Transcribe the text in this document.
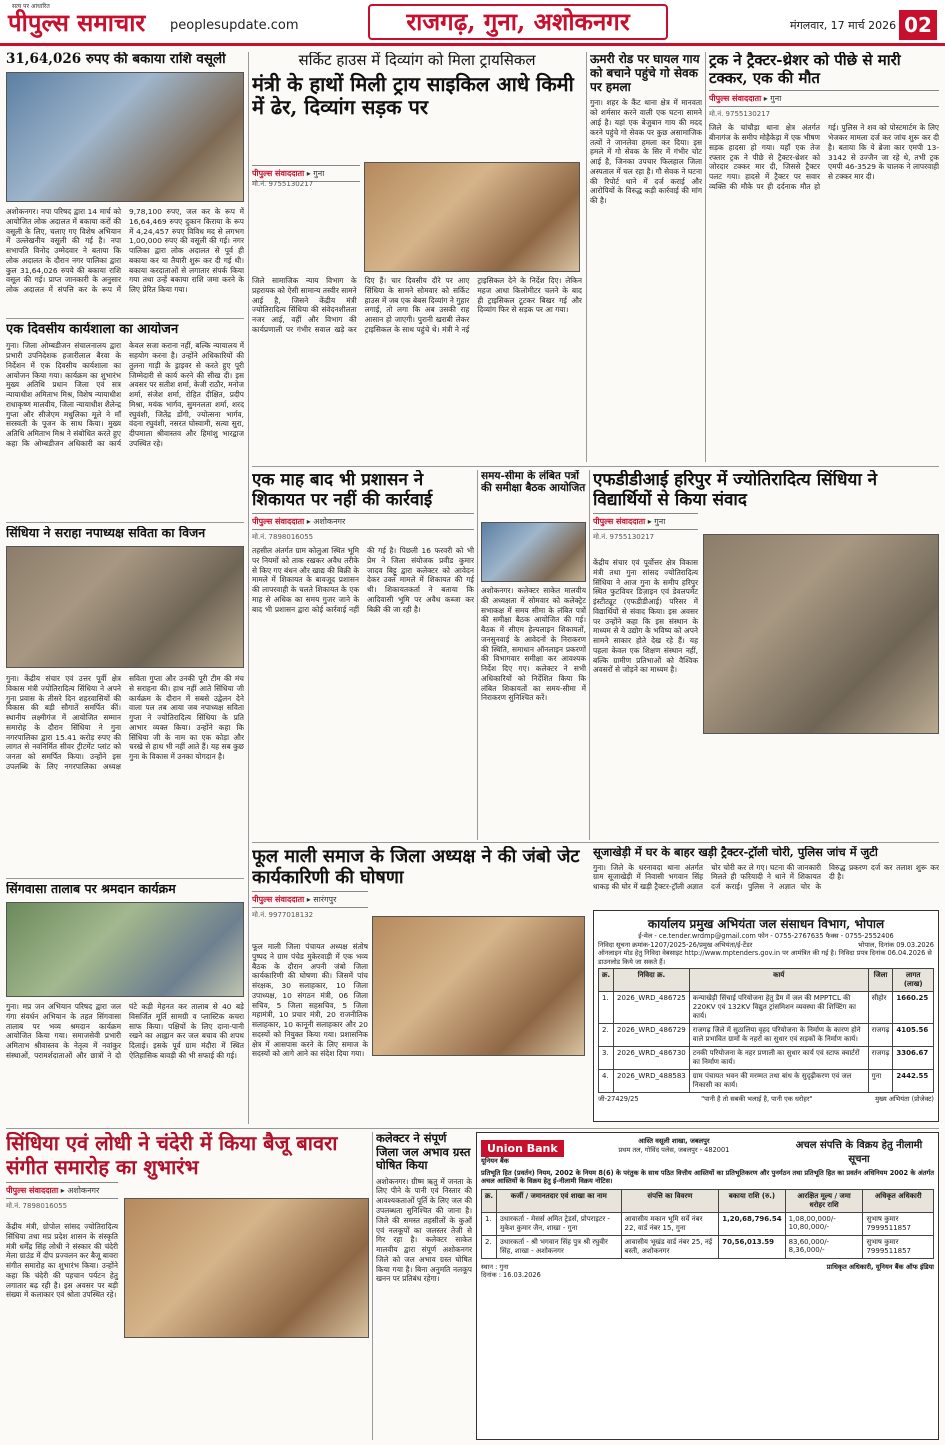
सत्य पर आधारित
पीपुल्स समाचार peoplesupdate.com	राजगढ़, गुना, अशोकनगर	मंगलवार, 17 मार्च 2026 02
31,64,026 रुपए की बकाया राशि वसूली
अशोकनगर। नपा परिषद द्वारा 14 मार्च को आयोजित लोक अदालत में बकाया करों की वसूली के लिए, चलाए गए विशेष अभियान में उल्लेखनीय वसूली की गई है। नपा सभापति विनोद उम्मेदवार ने बताया कि लोक अदालत के दौरान नगर पालिका द्वारा कुल 31,64,026 रुपये की बकाया राशि वसूल की गई। प्राप्त जानकारी के अनुसार लोक अदालत में संपत्ति कर के रूप में 9,78,100 रुपए, जल कर के रूप में 16,64,469 रुपए दुकान किराया के रूप में 4,24,457 रुपए विविध मद से लगभग 1,00,000 रुपए की वसूली की गई। नगर पालिका द्वारा लोक अदालत से पूर्व ही बकाया कर या तैयारी शुरू कर दी गई थी। बकाया करदाताओं से लगातार संपर्क किया गया तथा उन्हें बकाया राशि जमा करने के लिए प्रेरित किया गया।
एक दिवसीय कार्यशाला का आयोजन
गुना। जिला ओम्बडीजन संचालनालय द्वारा प्रभारी उपनिदेशक हजारीलाल बैरवा के निर्देशन में एक दिवसीय कार्यशाला का आयोजन किया गया। कार्यक्रम का शुभारंभ मुख्य अतिथि प्रधान जिला एवं सत्र न्यायाधीश अमिताभ मिश्र, विशेष न्यायाधीश राधाकृष्ण मालवीय, जिला न्यायाधीश शैलेन्द्र गुप्ता और सीजेएम मधुलिका मूले ने माँ सरस्वती के पूजन के साथ किया। मुख्य अतिथि अमिताभ मिश्र ने संबोधित करते हुए कहा कि ओम्बडीजन अधिकारी का कार्य केवल सजा कराना नहीं, बल्कि न्यायालय में सहयोग करना है। उन्होंने अधिकारियों की तुलना गाड़ी के ड्राइवर से करते हुए पूरी जिम्मेदारी से कार्य करने की सीख दी। इस अवसर पर सतीश शर्मा, केजी राठौर, मनोज शर्मा, संजेश शर्मा, रोहित दीक्षित, प्रदीप मिश्रा, मयंक भार्गव, सुमनलता शर्मा, शरद रघुवंशी, जितेंद्र डोंगी, ज्योत्सना भार्गव, वंदना रघुवंशी, नसरत घोस्वामी, सत्या सुरा, दीपमाला श्रीवास्तव और हिमांशु भारद्वाज उपस्थित रहे।
सिंधिया ने सराहा नपाध्यक्ष सविता का विजन
गुना। केंद्रीय संचार एवं उत्तर पूर्वी क्षेत्र विकास मंत्री ज्योतिरादित्य सिंधिया ने अपने गुना प्रवास के तीसरे दिन शहरवासियों की विकास की बड़ी सौगातें समर्पित कीं। स्थानीय लक्ष्मीगंज में आयोजित सम्मान समारोह के दौरान सिंधिया ने गुना नगरपालिका द्वारा 15.41 करोड़ रुपए की लागत से नवनिर्मित सीवर ट्रीटमेंट प्लांट को जनता को समर्पित किया। उन्होंने इस उपलब्धि के लिए नगरपालिका अध्यक्ष सविता गुप्ता और उनकी पूरी टीम की मंच से सराहना की। हाथ नहीं आते सिंधिया जी कार्यक्रम के दौरान में सबसे उद्वेलन देने वाला पल तब आया जब नपाध्यक्ष सविता गुप्ता ने ज्योतिरादित्य सिंधिया के प्रति आभार व्यक्त किया। उन्होंने कहा कि सिंधिया जी के नाम का एक कोड़ा और चरखे से हाथ भी नहीं आते हैं। यह सब कुछ गुना के विकास में उनका योगदान है।
सिंगवासा तालाब पर श्रमदान कार्यक्रम
गुना। मप्र जन अभियान परिषद द्वारा जल गंगा संवर्धन अभियान के तहत सिंगवासा तालाब पर भव्य श्रमदान कार्यक्रम आयोजित किया गया। समाजसेवी प्रभारी अमिताभ श्रीवास्तव के नेतृत्व में नवांकुर संस्थाओं, परामर्शदाताओं और छात्रों ने दो घंटे कड़ी मेहनत कर तालाब से 40 बड़े विसर्जित मूर्ति सामग्री व प्लास्टिक कचरा साफ किया। पक्षियों के लिए दाना-पानी रखने का आह्वान कर जल बचाव की शपथ दिलाई। इसके पूर्व ग्राम मंदौरा में स्थित ऐतिहासिक बावड़ी की भी सफाई की गई।
सर्किट हाउस में दिव्यांग को मिला ट्रायसिकल
मंत्री के हाथों मिली ट्राय साइकिल आधे किमी में ढेर, दिव्यांग सड़क पर
पीपुल्स संवाददाता ▸ गुना
मो.नं. 9755130217
जिले सामाजिक न्याय विभाग के प्रहरायक को ऐसी सामान्य तस्वीर सामने आई है, जिसने केंद्रीय मंत्री ज्योतिरादित्य सिंधिया की संवेदनशीलता नजर आई, वहीं और विभाग की कार्यप्रणाली पर गंभीर सवाल खड़े कर दिए हैं। चार दिवसीय दौरे पर आए सिंधिया के सामने सोमवार को सर्किट हाउस में जब एक बेबस दिव्यांग ने गुहार लगाई, तो लगा कि अब उसकी राह आसान हो जाएगी। पुरानी खराबी लेकर ट्राइसिकल के साथ पहुंचे थे। मंत्री ने नई ट्राइसिकल देने के निर्देश दिए। लेकिन महज आधा किलोमीटर चलने के बाद ही ट्राइसिकल टूटकर बिखर गई और दिव्यांग फिर से सड़क पर आ गया।
ऊमरी रोड पर घायल गाय को बचाने पहुंचे गो सेवक पर हमला
गुना। शहर के कैंट थाना क्षेत्र में मानवता को शर्मसार करने वाली एक घटना सामने आई है। यहां एक बेजुबान गाय की मदद करने पहुंचे गो सेवक पर कुछ असामाजिक तत्वों ने जानलेवा हमला कर दिया। इस हमले में गो सेवक के सिर में गंभीर चोट आई है, जिनका उपचार फिलहाल जिला अस्पताल में चल रहा है। गौ सेवक ने घटना की रिपोर्ट थाने में दर्ज कराई और आरोपियों के विरुद्ध कड़ी कार्रवाई की मांग की है।
ट्रक ने ट्रैक्टर-थ्रेशर को पीछे से मारी टक्कर, एक की मौत
पीपुल्स संवाददाता ▸ गुना
मो.नं. 9755130217
जिले के चांचौड़ा थाना क्षेत्र अंतर्गत बीनागंज के समीप मोहैकेड़ा में एक भीषण सड़क हादसा हो गया। यहाँ एक तेज रफ्तार ट्रक ने पीछे से ट्रैक्टर-थ्रेशर को जोरदार टक्कर मार दी, जिससे ट्रैक्टर पलट गया। हादसे में ट्रैक्टर पर सवार व्यक्ति की मौके पर ही दर्दनाक मौत हो गई। पुलिस ने शव को पोस्टमार्टम के लिए भेजकर मामला दर्ज कर जांच शुरू कर दी है। बताया कि ये ब्रेजा कार एमपी 13-3142 से उज्जैन जा रहे थे, तभी ट्रक एमपी 46-3529 के चालक ने लापरवाही से टक्कर मार दी।
एक माह बाद भी प्रशासन ने शिकायत पर नहीं की कार्रवाई
पीपुल्स संवाददाता ▸ अशोकनगर
मो.नं. 7898016055
तहसील अंतर्गत ग्राम कोलुआ स्थित भूमि पर नियमों को ताक रखकर अवैध तरीके से किए गए बंधन और खाद्य की बिक्री के मामले में शिकायत के बावजूद प्रशासन की लापरवाही के चलते शिकायत के एक माह से अधिक का समय गुजर जाने के बाद भी प्रशासन द्वारा कोई कार्रवाई नहीं की गई है। पिछली 16 फरवरी को भी प्रेम ने जिला संयोजक प्रवीड कुमार जादव बिट्टू द्वारा कलेक्टर को आवेदन देकर उक्त मामले में शिकायत की गई थी। शिकायतकर्ता ने बताया कि आदिवासी भूमि पर अवैध कब्जा कर बिक्री की जा रही है।
समय-सीमा के लंबित पत्रों की समीक्षा बैठक आयोजित
अशोकनगर। कलेक्टर साकेत मालवीय की अध्यक्षता में सोमवार को कलेक्ट्रेट सभाकक्ष में समय सीमा के लंबित पत्रों की समीक्षा बैठक आयोजित की गई। बैठक में सीएम हेल्पलाइन शिकायतों, जनसुनवाई के आवेदनों के निराकरण की स्थिति, समाधान ऑनलाइन प्रकरणों की विभागवार समीक्षा कर आवश्यक निर्देश दिए गए। कलेक्टर ने सभी अधिकारियों को निर्देशित किया कि लंबित शिकायतों का समय-सीमा में निराकरण सुनिश्चित करें।
एफडीडीआई हरिपुर में ज्योतिरादित्य सिंधिया ने विद्यार्थियों से किया संवाद
पीपुल्स संवाददाता ▸ गुना
मो.नं. 9755130217
केंद्रीय संचार एवं पूर्वोत्तर क्षेत्र विकास मंत्री तथा गुना सांसद ज्योतिरादित्य सिंधिया ने आज गुना के समीप हरिपुर स्थित फुटवियर डिज़ाइन एवं डेवलपमेंट इंस्टीट्यूट (एफडीडीआई) परिसर में विद्यार्थियों से संवाद किया। इस अवसर पर उन्होंने कहा कि इस संस्थान के माध्यम से ये उद्योग के भविष्य को अपने सामने साकार होते देख रहे हैं। यह पहला केवल एक शिक्षण संस्थान नहीं, बल्कि ग्रामीण प्रतिभाओं को वैश्विक अवसरों से जोड़ने का माध्यम है।
फूल माली समाज के जिला अध्यक्ष ने की जंबो जेट कार्यकारिणी की घोषणा
पीपुल्स संवाददाता ▸ सारंगपुर
मो.नं. 9977018132
फूल माली जिला पंचायत अध्यक्ष संतोष पुष्पद ने ग्राम पंचेड मुकेरवाड़ी में एक भव्य बैठक के दौरान अपनी जंबो जिला कार्यकारिणी की घोषणा की। जिसमें पांच संरक्षक, 30 सलाहकार, 10 जिला उपाध्यक्ष, 10 संगठन मंत्री, 06 जिला सचिव, 5 जिला सहसचिव, 5 जिला महामंत्री, 10 प्रचार मंत्री, 20 राजनीतिक सलाहकार, 10 कानूनी सलाहकार और 20 सदस्यों को नियुक्त किया गया। प्रशासनिक क्षेत्र में आसपास करने के लिए समाज के सदस्यों को आगे आने का संदेश दिया गया।
सूजाखेड़ी में घर के बाहर खड़ी ट्रैक्टर-ट्रॉली चोरी, पुलिस जांच में जुटी
गुना। जिले के धरनावदा थाना अंतर्गत ग्राम सूजाखेड़ी में निवासी भगवान सिंह धाकड़ की घोर में खड़ी ट्रैक्टर-ट्रॉली अज्ञात चोर चोरी कर ले गए। घटना की जानकारी मिलते ही फरियादी ने थाने में शिकायत दर्ज कराई। पुलिस ने अज्ञात चोर के विरुद्ध प्रकरण दर्ज कर तलाश शुरू कर दी है।
कार्यालय प्रमुख अभियंता जल संसाधन विभाग, भोपाल
ई-मेल - ce.tender.wrdmp@gmail.com फोन - 0755-2767635 फैक्स - 0755-2552406
निविदा सूचना क्रमांक-1207/2025-26/प्रमुख अभियंता/ई-टेंडर	भोपाल, दिनांक 09.03.2026
ऑनलाइन मोड हेतु निविदा वेबसाइट http://www.mptenders.gov.in पर आमंत्रित की गई है। निविदा प्रपत्र दिनांक 06.04.2026 से डाउनलोड किये जा सकते हैं।
क्र.	निविदा क्र.	कार्य	जिला	लागत (लाख)
1.	2026_WRD_486725	कन्याखेड़ी सिंचाई परियोजना हेतु डैम में जल की MPPTCL की 220KV एवं 132KV विद्युत ट्रांसमिशन व्यवस्था की शिफ्टिंग का कार्य।	सीहोर	1660.25
2.	2026_WRD_486729	राजगढ़ जिले में सुठालिया वृहद परियोजना के निर्माण के कारण होने वाले प्रभावित ग्रामों के नहरों का सुधार एवं सड़कों के निर्माण कार्य।	राजगढ़	4105.56
3.	2026_WRD_486730	टनकी परियोजना के नहर प्रणाली का सुधार कार्य एवं स्टाफ क्वार्टरों का निर्माण कार्य।	राजगढ़	3306.67
4.	2026_WRD_488583	ग्राम पंचायत भवन की मरम्मत तथा बांध के सुदृढ़ीकरण एवं जल निकासी का कार्य।	गुना	2442.55
जी-27429/25	"पानी है तो सबकी भलाई है, पानी एक धरोहर"	मुख्य अभियंता (प्रोजेक्ट)
सिंधिया एवं लोधी ने चंदेरी में किया बैजू बावरा संगीत समारोह का शुभारंभ
पीपुल्स संवाददाता ▸ अशोकनगर
मो.नं. 7898016055
केंद्रीय मंत्री, ग्रोपोल सांसद ज्योतिरादित्य सिंधिया तथा मप्र प्रदेश शासन के संस्कृति मंत्री धर्मेंद्र सिंह लोधी ने संस्कार की चंदेरी मेला ग्राउंड में दीप प्रज्वलन कर बैजू बावरा संगीत समारोह का शुभारंभ किया। उन्होंने कहा कि चंदेरी की पहचान पर्यटन हेतु लगातार बढ़ रही है। इस अवसर पर बड़ी संख्या में कलाकार एवं श्रोता उपस्थित रहे।
कलेक्टर ने संपूर्ण जिला जल अभाव ग्रस्त घोषित किया
अशोकनगर। ग्रीष्म ऋतु में जनता के लिए पीने के पानी एवं निस्तार की आवश्यकताओं पूर्ति के लिए जल की उपलब्धता सुनिश्चित की जाना है। जिले की समस्त तहसीलों के कुओं एवं नलकूपों का जलस्तर तेजी से गिर रहा है। कलेक्टर साकेत मालवीय द्वारा संपूर्ण अशोकनगर जिले को जल अभाव ग्रस्त घोषित किया गया है। बिना अनुमति नलकूप खनन पर प्रतिबंध रहेगा।
Union Bank
यूनियन बैंक
आस्ति वसूली शाखा, जबलपुर
प्रथम तल, गोविंद पलेस, जबलपुर - 482001	अचल संपत्ति के विक्रय हेतु नीलामी सूचना
प्रतिभूति हित (प्रवर्तन) नियम, 2002 के नियम 8(6) के परंतुक के साथ पठित वित्तीय आस्तियों का प्रतिभूतिकरण और पुनर्गठन तथा प्रतिभूति हित का प्रवर्तन अधिनियम 2002 के अंतर्गत अचल आस्तियों के विक्रय हेतु ई-नीलामी विक्रय नोटिस।
क्र.	कर्जी / जमानतदार एवं शाखा का नाम	संपत्ति का विवरण	बकाया राशि (रु.)	आरक्षित मूल्य / जमा धरोहर राशि	अधिकृत अधिकारी
1.	उधारकर्ता - मेसर्स अमित ट्रेडर्स, प्रोपराइटर - मुकेश कुमार जैन, शाखा - गुना	आवासीय मकान भूमि सर्वे नंबर 22, वार्ड नंबर 15, गुना	1,20,68,796.54	1,08,00,000/- 10,80,000/-	सुभाष कुमार 7999511857
2.	उधारकर्ता - श्री भगवान सिंह पुत्र श्री रघुवीर सिंह, शाखा - अशोकनगर	आवासीय भूखंड वार्ड नंबर 25, नई बस्ती, अशोकनगर	70,56,013.59	83,60,000/- 8,36,000/-	सुभाष कुमार 7999511857
स्थान : गुना
दिनांक : 16.03.2026
प्राधिकृत अधिकारी, यूनियन बैंक ऑफ इंडिया
